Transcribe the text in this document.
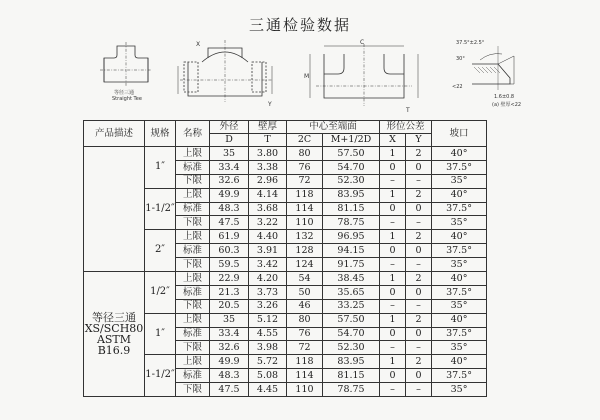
三通检验数据
等径三通
Straight Tee
X
Y
C
M
T
37.5°±2.5°
30°
<22
1.6±0.8
(a) 壁厚<22
产品描述	规格	名称	外径	壁厚	中心至端面		形位公差		坡口
			D	T	2C	M+1/2D	X	Y	
	1″	上限	35	3.80	80	57.50	1	2	40°
		标准	33.4	3.38	76	54.70	0	0	37.5°
		下限	32.6	2.96	72	52.30	–	–	35°
	1-1/2″	上限	49.9	4.14	118	83.95	1	2	40°
		标准	48.3	3.68	114	81.15	0	0	37.5°
		下限	47.5	3.22	110	78.75	–	–	35°
	2″	上限	61.9	4.40	132	96.95	1	2	40°
		标准	60.3	3.91	128	94.15	0	0	37.5°
		下限	59.5	3.42	124	91.75	–	–	35°

等径三通
XS/SCH80
ASTM
B16.9	1/2″	上限	22.9	4.20	54	38.45	1	2	40°
		标准	21.3	3.73	50	35.65	0	0	37.5°
		下限	20.5	3.26	46	33.25	–	–	35°
	1″	上限	35	5.12	80	57.50	1	2	40°
		标准	33.4	4.55	76	54.70	0	0	37.5°
		下限	32.6	3.98	72	52.30	–	–	35°
	1-1/2″	上限	49.9	5.72	118	83.95	1	2	40°
		标准	48.3	5.08	114	81.15	0	0	37.5°
		下限	47.5	4.45	110	78.75	–	–	35°
